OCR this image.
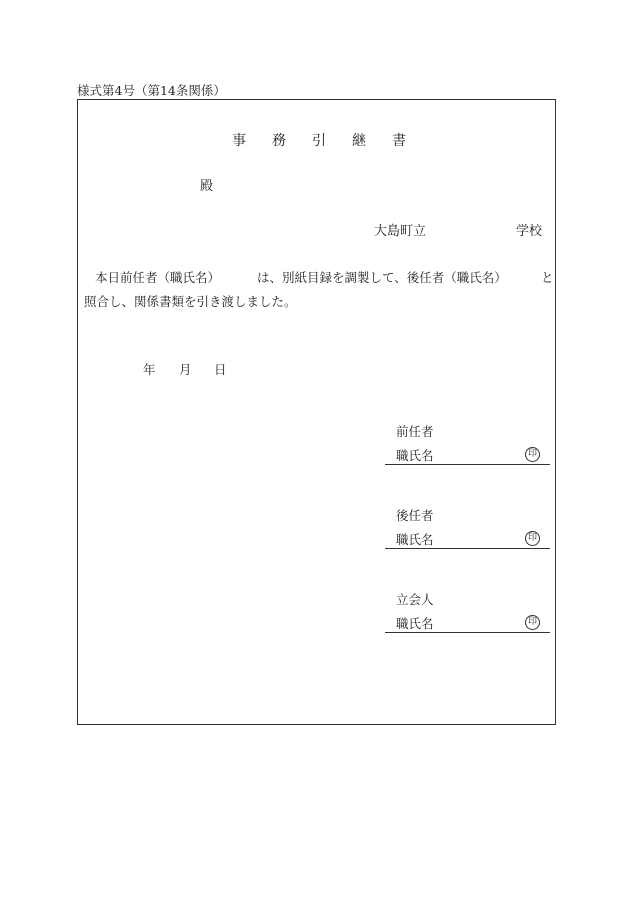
様式第4号（第14条関係）
事 務 引 継 書
殿
大島町立	学校
本日前任者（職氏名）	は、別紙目録を調製して、後任者（職氏名）	と
照合し、関係書類を引き渡しました。
年 月 日
前任者
職氏名	印
後任者
職氏名	印
立会人
職氏名	印
